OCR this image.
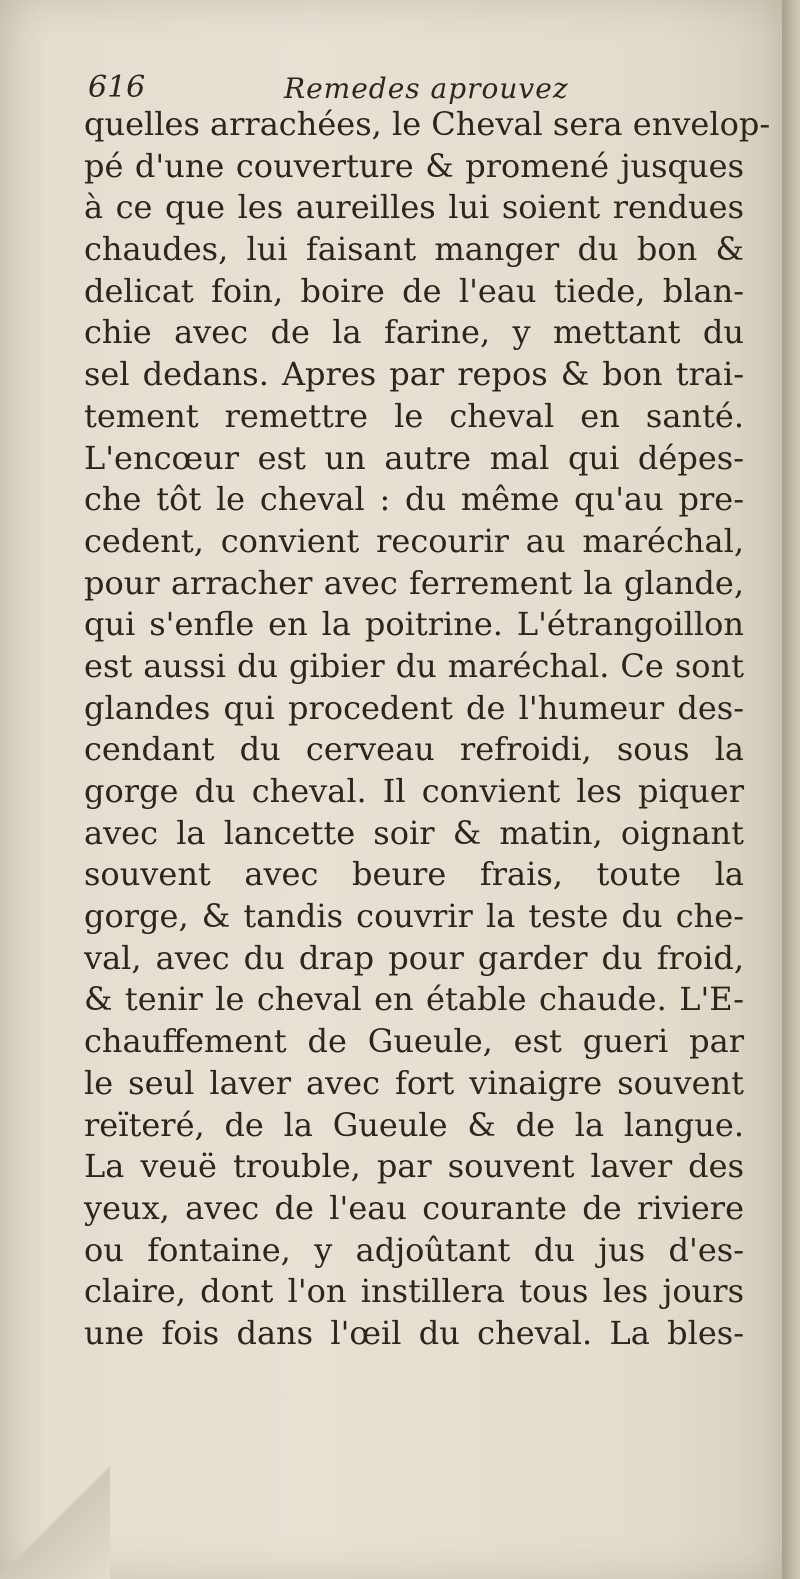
616	Remedes aprouvez
quelles arrachées, le Cheval sera envelop-
pé d'une couverture & promené jusques
à ce que les aureilles lui soient rendues
chaudes, lui faisant manger du bon &
delicat foin, boire de l'eau tiede, blan-
chie avec de la farine, y mettant du
sel dedans. Apres par repos & bon trai-
tement remettre le cheval en santé.
L'encœur est un autre mal qui dépes-
che tôt le cheval : du même qu'au pre-
cedent, convient recourir au maréchal,
pour arracher avec ferrement la glande,
qui s'enfle en la poitrine. L'étrangoillon
est aussi du gibier du maréchal. Ce sont
glandes qui procedent de l'humeur des-
cendant du cerveau refroidi, sous la
gorge du cheval. Il convient les piquer
avec la lancette soir & matin, oignant
souvent avec beure frais, toute la
gorge, & tandis couvrir la teste du che-
val, avec du drap pour garder du froid,
& tenir le cheval en étable chaude. L'E-
chauffement de Gueule, est gueri par
le seul laver avec fort vinaigre souvent
reïteré, de la Gueule & de la langue.
La veuë trouble, par souvent laver des
yeux, avec de l'eau courante de riviere
ou fontaine, y adjoûtant du jus d'es-
claire, dont l'on instillera tous les jours
une fois dans l'œil du cheval. La bles-
